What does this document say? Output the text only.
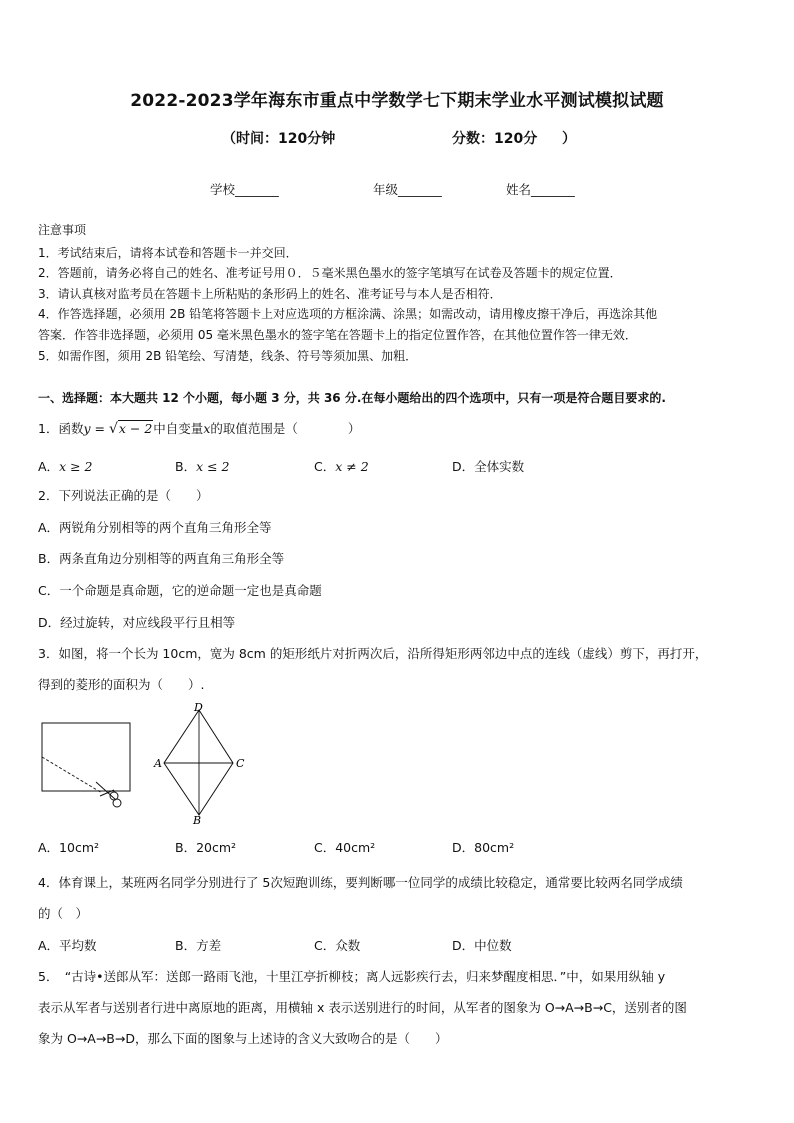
2022-2023学年海东市重点中学数学七下期末学业水平测试模拟试题
（时间：120分钟	分数：120分 ）
学校_______	年级_______	姓名_______
注意事项
1．考试结束后，请将本试卷和答题卡一并交回．
2．答题前，请务必将自己的姓名、准考证号用０．５毫米黑色墨水的签字笔填写在试卷及答题卡的规定位置．
3．请认真核对监考员在答题卡上所粘贴的条形码上的姓名、准考证号与本人是否相符．
4．作答选择题，必须用 2B 铅笔将答题卡上对应选项的方框涂满、涂黑；如需改动，请用橡皮擦干净后，再选涂其他
答案．作答非选择题，必须用 05 毫米黑色墨水的签字笔在答题卡上的指定位置作答，在其他位置作答一律无效．
5．如需作图，须用 2B 铅笔绘、写清楚，线条、符号等须加黑、加粗．
一、选择题：本大题共 12 个小题，每小题 3 分，共 36 分.在每小题给出的四个选项中，只有一项是符合题目要求的.
1．函数y = √x − 2中自变量x的取值范围是（　　　　）
A．x ≥ 2	B．x ≤ 2	C．x ≠ 2	D．全体实数
2．下列说法正确的是（　　）
A．两锐角分别相等的两个直角三角形全等
B．两条直角边分别相等的两直角三角形全等
C．一个命题是真命题，它的逆命题一定也是真命题
D．经过旋转，对应线段平行且相等
3．如图，将一个长为 10cm，宽为 8cm 的矩形纸片对折两次后，沿所得矩形两邻边中点的连线（虚线）剪下，再打开，
得到的菱形的面积为（　　）.
D
A	C
B
A．10cm²	B．20cm²	C．40cm²	D．80cm²
4．体育课上，某班两名同学分别进行了 5次短跑训练，要判断哪一位同学的成绩比较稳定，通常要比较两名同学成绩
的（　）
A．平均数	B．方差	C．众数	D．中位数
5．　“古诗•送郎从军：送郎一路雨飞池，十里江亭折柳枝；离人远影疾行去，归来梦醒度相思．”中，如果用纵轴 y
表示从军者与送别者行进中离原地的距离，用横轴 x 表示送别进行的时间，从军者的图象为 O→A→B→C，送别者的图
象为 O→A→B→D，那么下面的图象与上述诗的含义大致吻合的是（　　）
